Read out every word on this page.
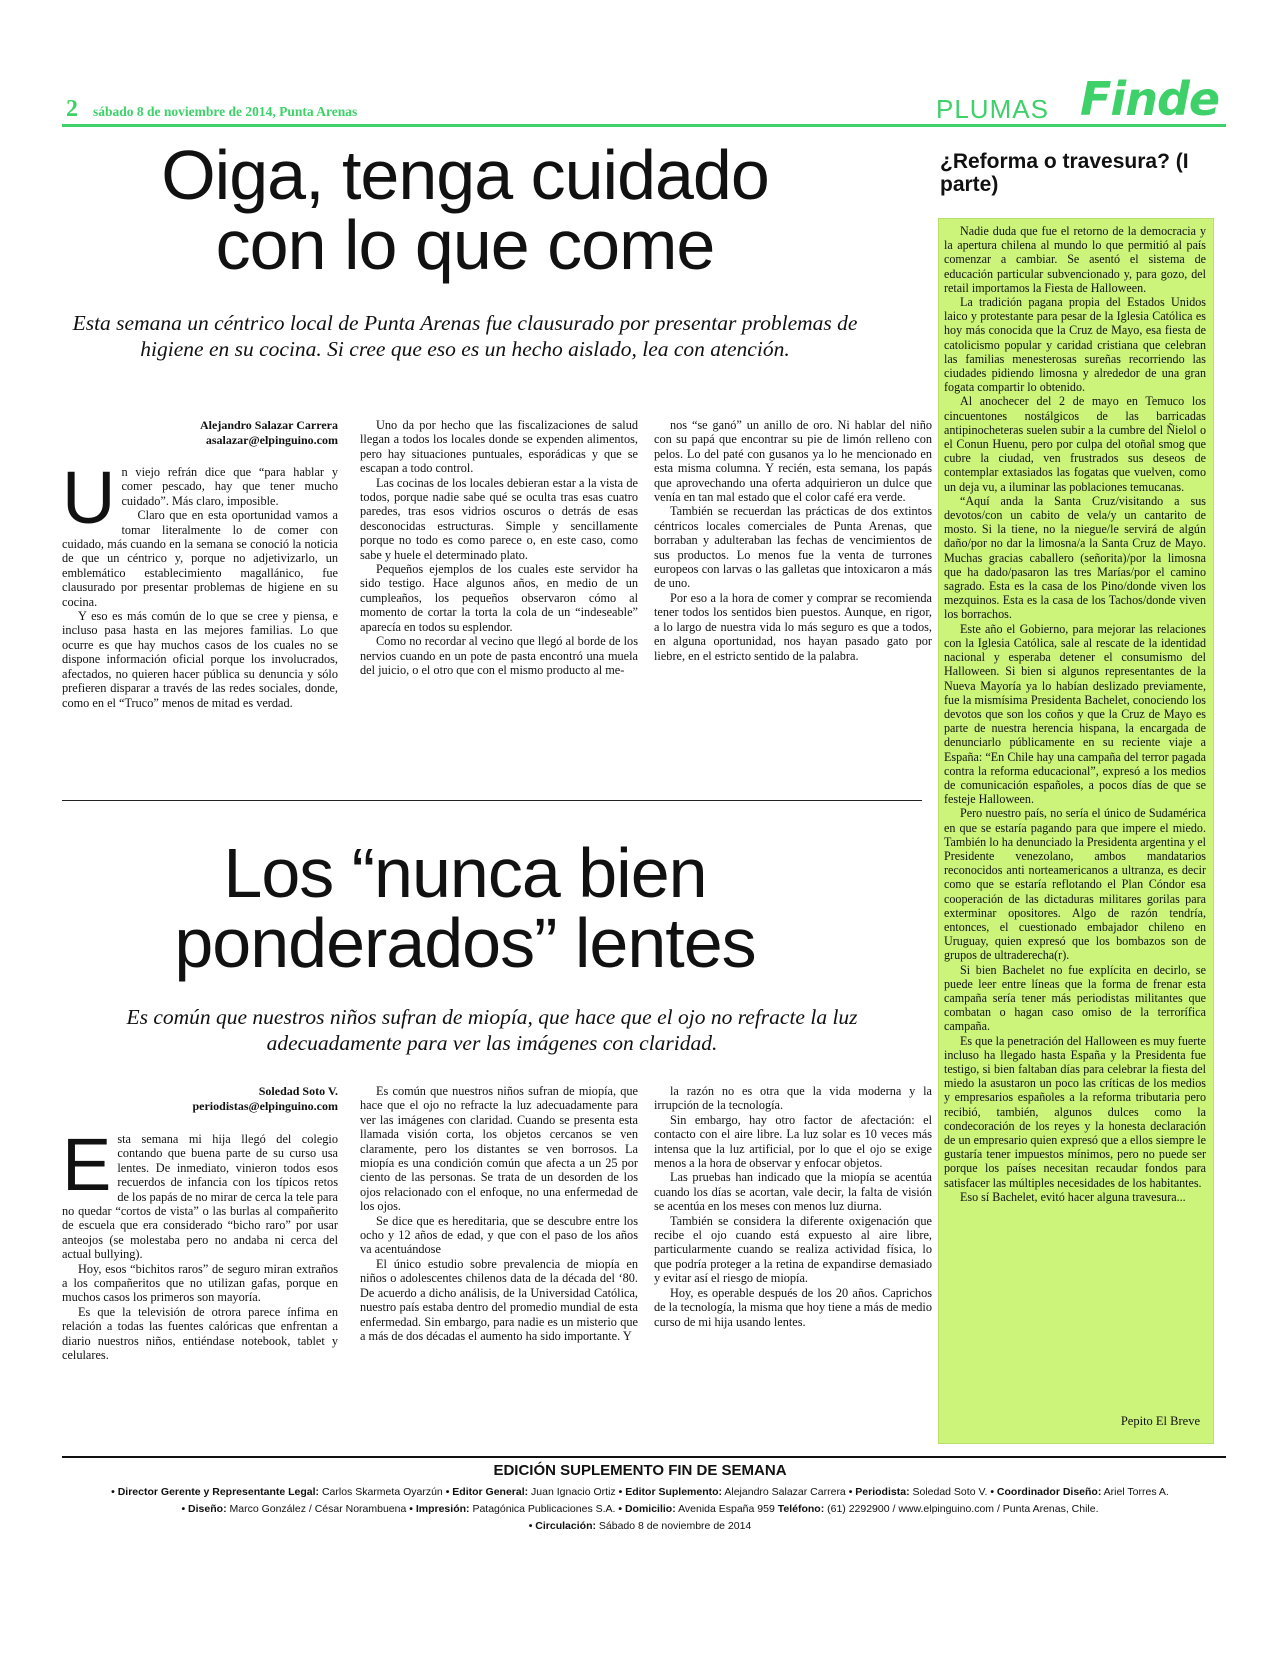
2 sábado 8 de noviembre de 2014, Punta Arenas	PLUMAS Finde
Oiga, tenga cuidado
con lo que come
Esta semana un céntrico local de Punta Arenas fue clausurado por presentar problemas de higiene en su cocina. Si cree que eso es un hecho aislado, lea con atención.
Alejandro Salazar Carrera
asalazar@elpinguino.com
U n viejo refrán dice que “para hablar y comer pescado, hay que tener mucho cuidado”. Más claro, imposible.

Claro que en esta oportunidad vamos a tomar literalmente lo de comer con cuidado, más cuando en la semana se conoció la noticia de que un céntrico y, porque no adjetivizarlo, un emblemático establecimiento magallánico, fue clausurado por presentar problemas de higiene en su cocina.

Y eso es más común de lo que se cree y piensa, e incluso pasa hasta en las mejores familias. Lo que ocurre es que hay muchos casos de los cuales no se dispone información oficial porque los involucrados, afectados, no quieren hacer pública su denuncia y sólo prefieren disparar a través de las redes sociales, donde, como en el “Truco” menos de mitad es verdad.

Uno da por hecho que las fiscalizaciones de salud llegan a todos los locales donde se expenden alimentos, pero hay situaciones puntuales, esporádicas y que se escapan a todo control.

Las cocinas de los locales debieran estar a la vista de todos, porque nadie sabe qué se oculta tras esas cuatro paredes, tras esos vidrios oscuros o detrás de esas desconocidas estructuras. Simple y sencillamente porque no todo es como parece o, en este caso, como sabe y huele el determinado plato.

Pequeños ejemplos de los cuales este servidor ha sido testigo. Hace algunos años, en medio de un cumpleaños, los pequeños observaron cómo al momento de cortar la torta la cola de un “indeseable” aparecía en todos su esplendor.

Como no recordar al vecino que llegó al borde de los nervios cuando en un pote de pasta encontró una muela del juicio, o el otro que con el mismo producto al me-

nos “se ganó” un anillo de oro. Ni hablar del niño con su papá que encontrar su pie de limón relleno con pelos. Lo del paté con gusanos ya lo he mencionado en esta misma columna. Y recién, esta semana, los papás que aprovechando una oferta adquirieron un dulce que venía en tan mal estado que el color café era verde.

También se recuerdan las prácticas de dos extintos céntricos locales comerciales de Punta Arenas, que borraban y adulteraban las fechas de vencimientos de sus productos. Lo menos fue la venta de turrones europeos con larvas o las galletas que intoxicaron a más de uno.

Por eso a la hora de comer y comprar se recomienda tener todos los sentidos bien puestos. Aunque, en rigor, a lo largo de nuestra vida lo más seguro es que a todos, en alguna oportunidad, nos hayan pasado gato por liebre, en el estricto sentido de la palabra.

Los “nunca bien
ponderados” lentes
Es común que nuestros niños sufran de miopía, que hace que el ojo no refracte la luz adecuadamente para ver las imágenes con claridad.
Soledad Soto V.
periodistas@elpinguino.com
E sta semana mi hija llegó del colegio contando que buena parte de su curso usa lentes. De inmediato, vinieron todos esos recuerdos de infancia con los típicos retos de los papás de no mirar de cerca la tele para no quedar “cortos de vista” o las burlas al compañerito de escuela que era considerado “bicho raro” por usar anteojos (se molestaba pero no andaba ni cerca del actual bullying).

Hoy, esos “bichitos raros” de seguro miran extraños a los compañeritos que no utilizan gafas, porque en muchos casos los primeros son mayoría.

Es que la televisión de otrora parece ínfima en relación a todas las fuentes calóricas que enfrentan a diario nuestros niños, entiéndase notebook, tablet y celulares.

Es común que nuestros niños sufran de miopía, que hace que el ojo no refracte la luz adecuadamente para ver las imágenes con claridad. Cuando se presenta esta llamada visión corta, los objetos cercanos se ven claramente, pero los distantes se ven borrosos. La miopía es una condición común que afecta a un 25 por ciento de las personas. Se trata de un desorden de los ojos relacionado con el enfoque, no una enfermedad de los ojos.

Se dice que es hereditaria, que se descubre entre los ocho y 12 años de edad, y que con el paso de los años va acentuándose

El único estudio sobre prevalencia de miopía en niños o adolescentes chilenos data de la década del ‘80. De acuerdo a dicho análisis, de la Universidad Católica, nuestro país estaba dentro del promedio mundial de esta enfermedad. Sin embargo, para nadie es un misterio que a más de dos décadas el aumento ha sido importante. Y

la razón no es otra que la vida moderna y la irrupción de la tecnología.

Sin embargo, hay otro factor de afectación: el contacto con el aire libre. La luz solar es 10 veces más intensa que la luz artificial, por lo que el ojo se exige menos a la hora de observar y enfocar objetos.

Las pruebas han indicado que la miopía se acentúa cuando los días se acortan, vale decir, la falta de visión se acentúa en los meses con menos luz diurna.

También se considera la diferente oxigenación que recibe el ojo cuando está expuesto al aire libre, particularmente cuando se realiza actividad física, lo que podría proteger a la retina de expandirse demasiado y evitar así el riesgo de miopía.

Hoy, es operable después de los 20 años. Caprichos de la tecnología, la misma que hoy tiene a más de medio curso de mi hija usando lentes.

¿Reforma o travesura? (I parte)

Nadie duda que fue el retorno de la democracia y la apertura chilena al mundo lo que permitió al país comenzar a cambiar. Se asentó el sistema de educación particular subvencionado y, para gozo, del retail importamos la Fiesta de Halloween.

La tradición pagana propia del Estados Unidos laico y protestante para pesar de la Iglesia Católica es hoy más conocida que la Cruz de Mayo, esa fiesta de catolicismo popular y caridad cristiana que celebran las familias menesterosas sureñas recorriendo las ciudades pidiendo limosna y alrededor de una gran fogata compartir lo obtenido.

Al anochecer del 2 de mayo en Temuco los cincuentones nostálgicos de las barricadas antipinocheteras suelen subir a la cumbre del Ñielol o el Conun Huenu, pero por culpa del otoñal smog que cubre la ciudad, ven frustrados sus deseos de contemplar extasiados las fogatas que vuelven, como un deja vu, a iluminar las poblaciones temucanas.

“Aquí anda la Santa Cruz/visitando a sus devotos/con un cabito de vela/y un cantarito de mosto. Si la tiene, no la niegue/le servirá de algún daño/por no dar la limosna/a la Santa Cruz de Mayo. Muchas gracias caballero (señorita)/por la limosna que ha dado/pasaron las tres Marías/por el camino sagrado. Esta es la casa de los Pino/donde viven los mezquinos. Esta es la casa de los Tachos/donde viven los borrachos.

Este año el Gobierno, para mejorar las relaciones con la Iglesia Católica, sale al rescate de la identidad nacional y esperaba detener el consumismo del Halloween. Si bien si algunos representantes de la Nueva Mayoría ya lo habían deslizado previamente, fue la mismísima Presidenta Bachelet, conociendo los devotos que son los coños y que la Cruz de Mayo es parte de nuestra herencia hispana, la encargada de denunciarlo públicamente en su reciente viaje a España: “En Chile hay una campaña del terror pagada contra la reforma educacional”, expresó a los medios de comunicación españoles, a pocos días de que se festeje Halloween.

Pero nuestro país, no sería el único de Sudamérica en que se estaría pagando para que impere el miedo. También lo ha denunciado la Presidenta argentina y el Presidente venezolano, ambos mandatarios reconocidos anti norteamericanos a ultranza, es decir como que se estaría reflotando el Plan Cóndor esa cooperación de las dictaduras militares gorilas para exterminar opositores. Algo de razón tendría, entonces, el cuestionado embajador chileno en Uruguay, quien expresó que los bombazos son de grupos de ultraderecha(r).

Si bien Bachelet no fue explícita en decirlo, se puede leer entre líneas que la forma de frenar esta campaña sería tener más periodistas militantes que combatan o hagan caso omiso de la terrorífica campaña.

Es que la penetración del Halloween es muy fuerte incluso ha llegado hasta España y la Presidenta fue testigo, si bien faltaban días para celebrar la fiesta del miedo la asustaron un poco las críticas de los medios y empresarios españoles a la reforma tributaria pero recibió, también, algunos dulces como la condecoración de los reyes y la honesta declaración de un empresario quien expresó que a ellos siempre le gustaría tener impuestos mínimos, pero no puede ser porque los países necesitan recaudar fondos para satisfacer las múltiples necesidades de los habitantes.

Eso sí Bachelet, evitó hacer alguna travesura...

Pepito El Breve
EDICIÓN SUPLEMENTO FIN DE SEMANA
• Director Gerente y Representante Legal: Carlos Skarmeta Oyarzún • Editor General: Juan Ignacio Ortiz • Editor Suplemento: Alejandro Salazar Carrera • Periodista: Soledad Soto V. • Coordinador Diseño: Ariel Torres A.
• Diseño: Marco González / César Norambuena • Impresión: Patagónica Publicaciones S.A. • Domicilio: Avenida España 959 Teléfono: (61) 2292900 / www.elpinguino.com / Punta Arenas, Chile.
• Circulación: Sábado 8 de noviembre de 2014
